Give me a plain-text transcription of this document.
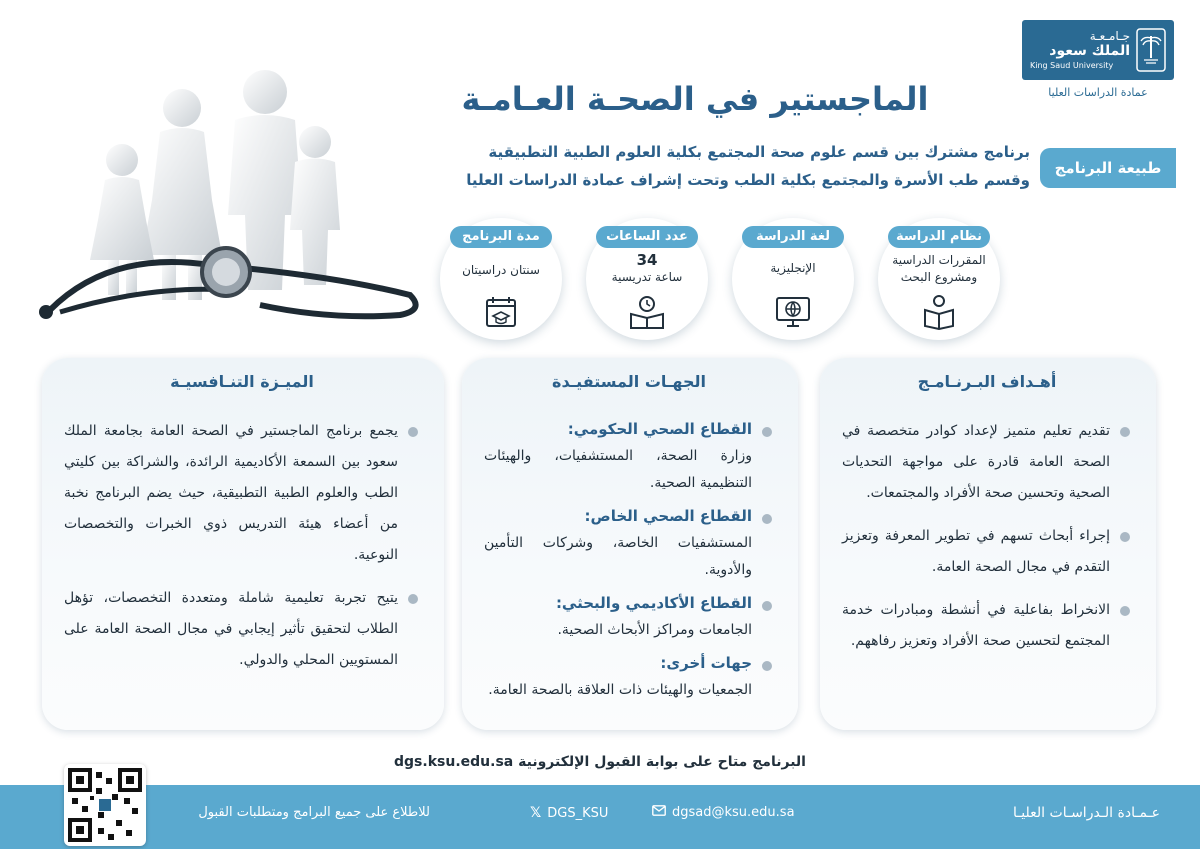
جـامـعـة
الملك سعود
King Saud University
عمادة الدراسات العليا
الماجستير في الصحـة العـامـة
طبيعة البرنامج
برنامج مشترك بين قسم علوم صحة المجتمع بكلية العلوم الطبية التطبيقية
وقسم طب الأسرة والمجتمع بكلية الطب وتحت إشراف عمادة الدراسات العليا
نظام الدراسة
المقررات الدراسية ومشروع البحث
لغة الدراسة
الإنجليزية
عدد الساعات
34
ساعة تدريسية
مدة البرنامج
سنتان دراسيتان
أهـداف البـرنـامـج
تقديم تعليم متميز لإعداد كوادر متخصصة في الصحة العامة قادرة على مواجهة التحديات الصحية وتحسين صحة الأفراد والمجتمعات.
إجراء أبحاث تسهم في تطوير المعرفة وتعزيز التقدم في مجال الصحة العامة.
الانخراط بفاعلية في أنشطة ومبادرات خدمة المجتمع لتحسين صحة الأفراد وتعزيز رفاههم.
الجهـات المستفيـدة
القطاع الصحي الحكومي:
وزارة الصحة، المستشفيات، والهيئات التنظيمية الصحية.
القطاع الصحي الخاص:
المستشفيات الخاصة، وشركات التأمين والأدوية.
القطاع الأكاديمي والبحثي:
الجامعات ومراكز الأبحاث الصحية.
جهات أخرى:
الجمعيات والهيئات ذات العلاقة بالصحة العامة.
الميـزة التنـافسيـة
يجمع برنامج الماجستير في الصحة العامة بجامعة الملك سعود بين السمعة الأكاديمية الرائدة، والشراكة بين كليتي الطب والعلوم الطبية التطبيقية، حيث يضم البرنامج نخبة من أعضاء هيئة التدريس ذوي الخبرات والتخصصات النوعية.
يتيح تجربة تعليمية شاملة ومتعددة التخصصات، تؤهل الطلاب لتحقيق تأثير إيجابي في مجال الصحة العامة على المستويين المحلي والدولي.
dgs.ksu.edu.sa البرنامج متاح على بوابة القبول الإلكترونية
للاطلاع على جميع البرامج ومتطلبات القبول	𝕏 DGS_KSU	dgsad@ksu.edu.sa	عـمـادة الـدراسـات العليـا
